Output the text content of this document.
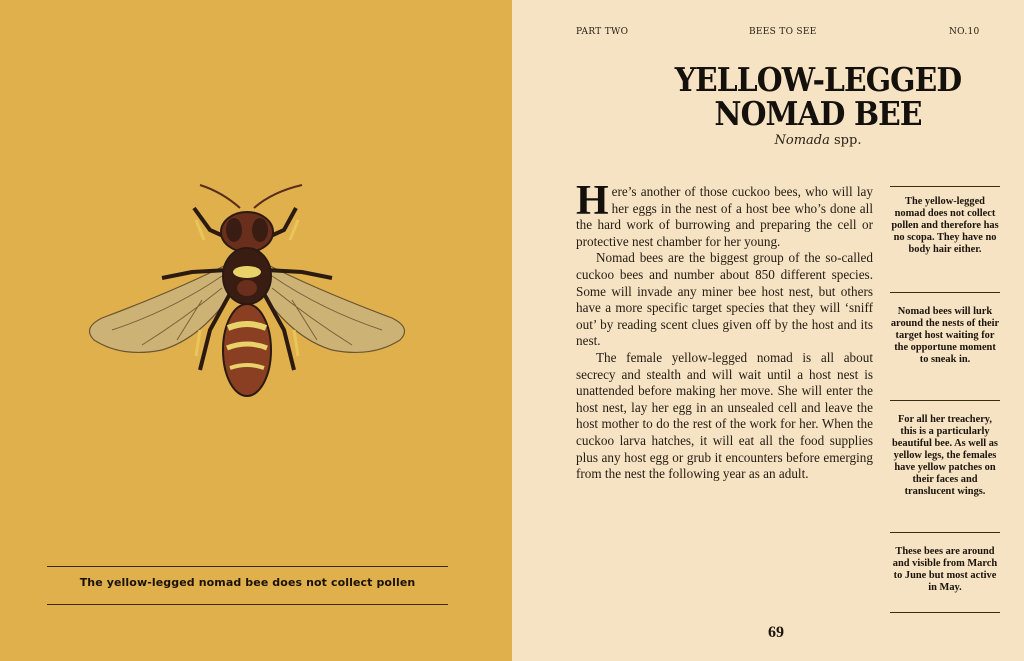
The yellow-legged nomad bee does not collect pollen
PART TWO	BEES TO SEE	NO.10
YELLOW-LEGGED
NOMAD BEE
Nomada spp.

Here’s another of those cuckoo bees, who will lay her eggs in the nest of a host bee who’s done all the hard work of burrowing and preparing the cell or protective nest chamber for her young.

Nomad bees are the biggest group of the so-called cuckoo bees and number about 850 different species. Some will invade any miner bee host nest, but others have a more specific target species that they will ‘sniff out’ by reading scent clues given off by the host and its nest.

The female yellow-legged nomad is all about secrecy and stealth and will wait until a host nest is unattended before making her move. She will enter the host nest, lay her egg in an unsealed cell and leave the host mother to do the rest of the work for her. When the cuckoo larva hatches, it will eat all the food supplies plus any host egg or grub it encounters before emerging from the nest the following year as an adult.

The yellow-legged nomad does not collect pollen and therefore has no scopa. They have no body hair either.
Nomad bees will lurk around the nests of their target host waiting for the opportune moment to sneak in.
For all her treachery, this is a particularly beautiful bee. As well as yellow legs, the females have yellow patches on their faces and translucent wings.
These bees are around and visible from March to June but most active in May.
69
